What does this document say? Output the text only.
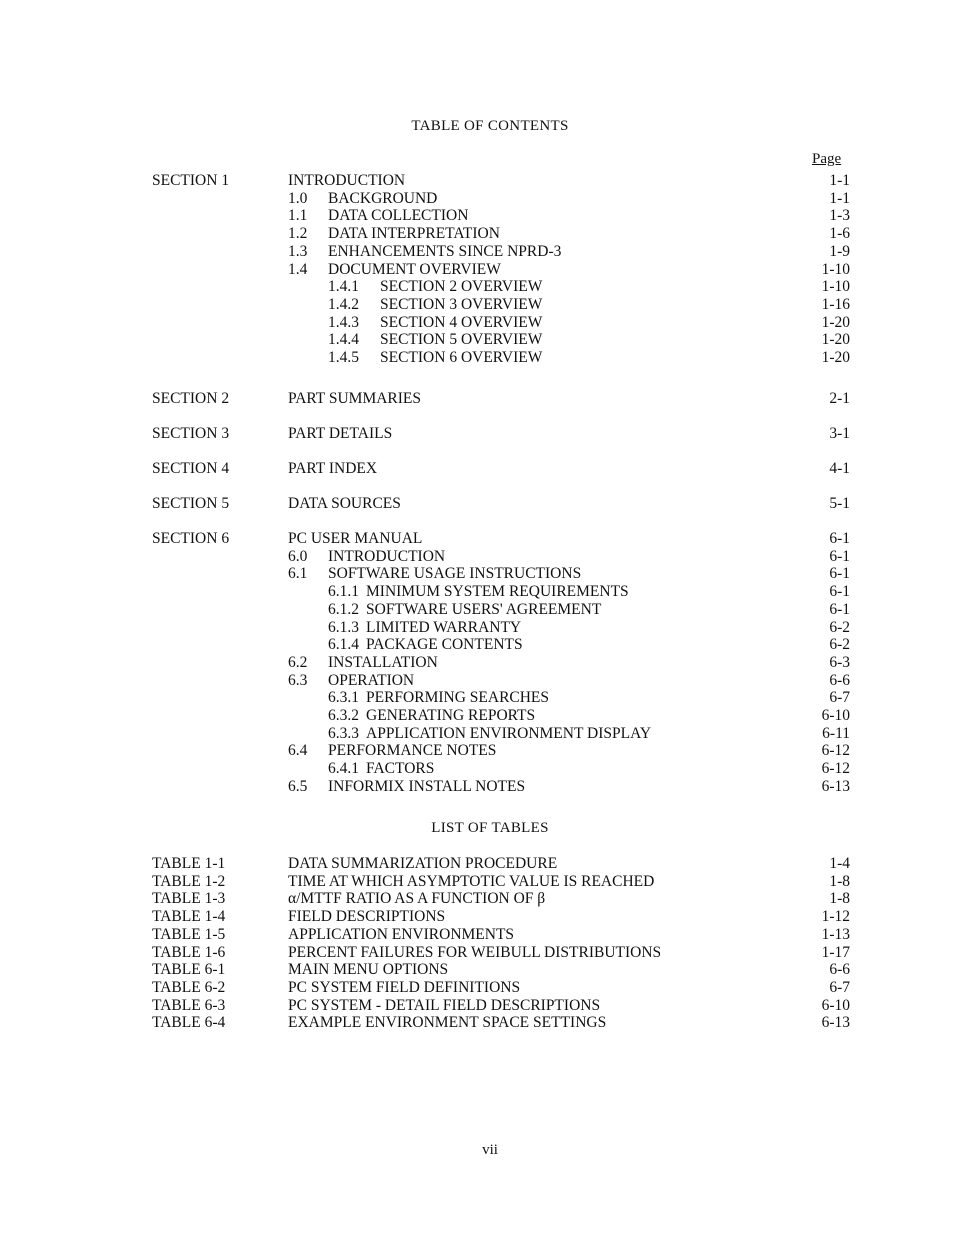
TABLE OF CONTENTS
Page
SECTION 1	INTRODUCTION	1-1
1.0 BACKGROUND	1-1
1.1 DATA COLLECTION	1-3
1.2 DATA INTERPRETATION	1-6
1.3 ENHANCEMENTS SINCE NPRD-3	1-9
1.4 DOCUMENT OVERVIEW	1-10
1.4.1 SECTION 2 OVERVIEW	1-10
1.4.2 SECTION 3 OVERVIEW	1-16
1.4.3 SECTION 4 OVERVIEW	1-20
1.4.4 SECTION 5 OVERVIEW	1-20
1.4.5 SECTION 6 OVERVIEW	1-20
SECTION 2	PART SUMMARIES	2-1
SECTION 3	PART DETAILS	3-1
SECTION 4	PART INDEX	4-1
SECTION 5	DATA SOURCES	5-1
SECTION 6	PC USER MANUAL	6-1
6.0 INTRODUCTION	6-1
6.1 SOFTWARE USAGE INSTRUCTIONS	6-1
6.1.1 MINIMUM SYSTEM REQUIREMENTS	6-1
6.1.2 SOFTWARE USERS' AGREEMENT	6-1
6.1.3 LIMITED WARRANTY	6-2
6.1.4 PACKAGE CONTENTS	6-2
6.2 INSTALLATION	6-3
6.3 OPERATION	6-6
6.3.1 PERFORMING SEARCHES	6-7
6.3.2 GENERATING REPORTS	6-10
6.3.3 APPLICATION ENVIRONMENT DISPLAY	6-11
6.4 PERFORMANCE NOTES	6-12
6.4.1 FACTORS	6-12
6.5 INFORMIX INSTALL NOTES	6-13
LIST OF TABLES
TABLE 1-1	DATA SUMMARIZATION PROCEDURE	1-4
TABLE 1-2	TIME AT WHICH ASYMPTOTIC VALUE IS REACHED	1-8
TABLE 1-3	α/MTTF RATIO AS A FUNCTION OF β	1-8
TABLE 1-4	FIELD DESCRIPTIONS	1-12
TABLE 1-5	APPLICATION ENVIRONMENTS	1-13
TABLE 1-6	PERCENT FAILURES FOR WEIBULL DISTRIBUTIONS	1-17
TABLE 6-1	MAIN MENU OPTIONS	6-6
TABLE 6-2	PC SYSTEM FIELD DEFINITIONS	6-7
TABLE 6-3	PC SYSTEM - DETAIL FIELD DESCRIPTIONS	6-10
TABLE 6-4	EXAMPLE ENVIRONMENT SPACE SETTINGS	6-13
vii
